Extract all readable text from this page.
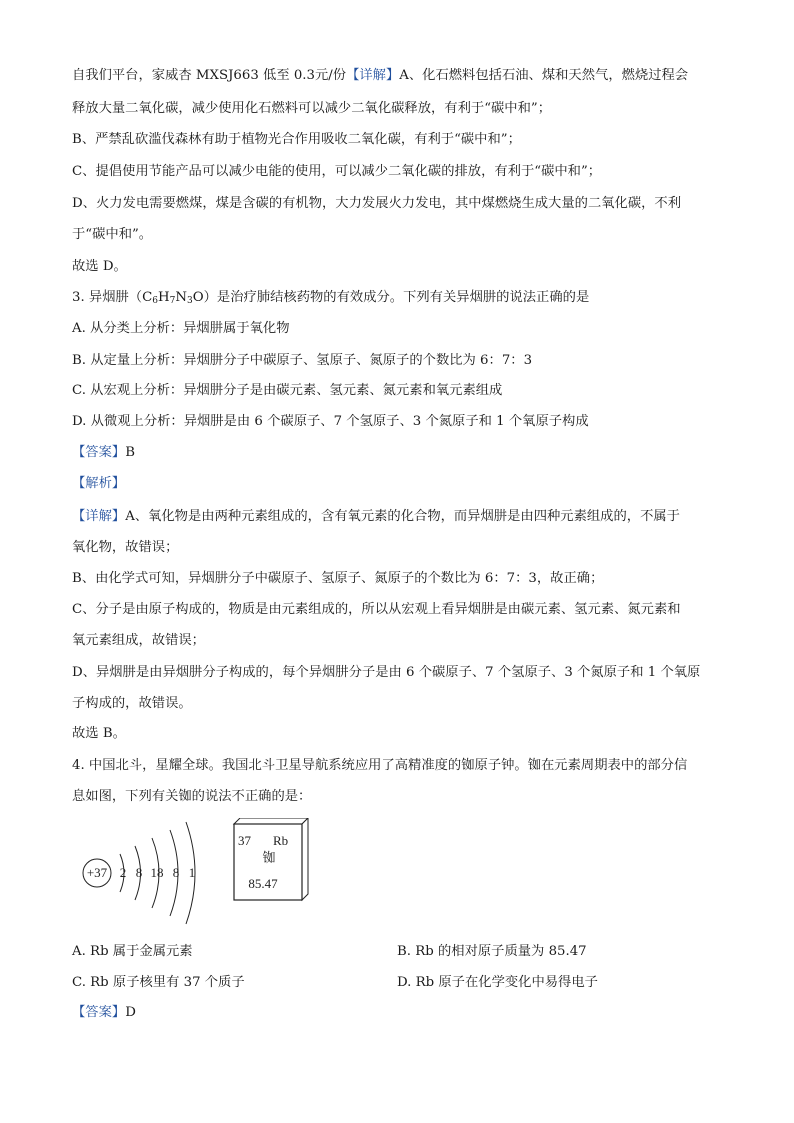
自我们平台，家威杏 MXSJ663 低至 0.3元/份【详解】A、化石燃料包括石油、煤和天然气，燃烧过程会
释放大量二氧化碳，减少使用化石燃料可以减少二氧化碳释放，有利于“碳中和”；
B、严禁乱砍滥伐森林有助于植物光合作用吸收二氧化碳，有利于“碳中和”；
C、提倡使用节能产品可以减少电能的使用，可以减少二氧化碳的排放，有利于“碳中和”；
D、火力发电需要燃煤，煤是含碳的有机物，大力发展火力发电，其中煤燃烧生成大量的二氧化碳，不利
于“碳中和”。
故选 D。
3. 异烟肼$(C_6H_7N_3O)$是治疗肺结核药物的有效成分。下列有关异烟肼的说法正确的是
A. 从分类上分析：异烟肼属于氧化物
B. 从定量上分析：异烟肼分子中碳原子、氢原子、氮原子的个数比为 6：7：3
C. 从宏观上分析：异烟肼分子是由碳元素、氢元素、氮元素和氧元素组成
D. 从微观上分析：异烟肼是由 6 个碳原子、7 个氢原子、3 个氮原子和 1 个氧原子构成
【答案】B
【解析】
【详解】A、氧化物是由两种元素组成的，含有氧元素的化合物，而异烟肼是由四种元素组成的，不属于
氧化物，故错误；
B、由化学式可知，异烟肼分子中碳原子、氢原子、氮原子的个数比为 6：7：3，故正确；
C、分子是由原子构成的，物质是由元素组成的，所以从宏观上看异烟肼是由碳元素、氢元素、氮元素和
氧元素组成，故错误；
D、异烟肼是由异烟肼分子构成的，每个异烟肼分子是由 6 个碳原子、7 个氢原子、3 个氮原子和 1 个氧原
子构成的，故错误。
故选 B。
4. 中国北斗，星耀全球。我国北斗卫星导航系统应用了高精准度的铷原子钟。铷在元素周期表中的部分信
息如图，下列有关铷的说法不正确的是：
+37 2 8 18 8 1
37 Rb
铷
85.47
A. Rb 属于金属元素	B. Rb 的相对原子质量为 85.47
C. Rb 原子核里有 37 个质子	D. Rb 原子在化学变化中易得电子
【答案】D
